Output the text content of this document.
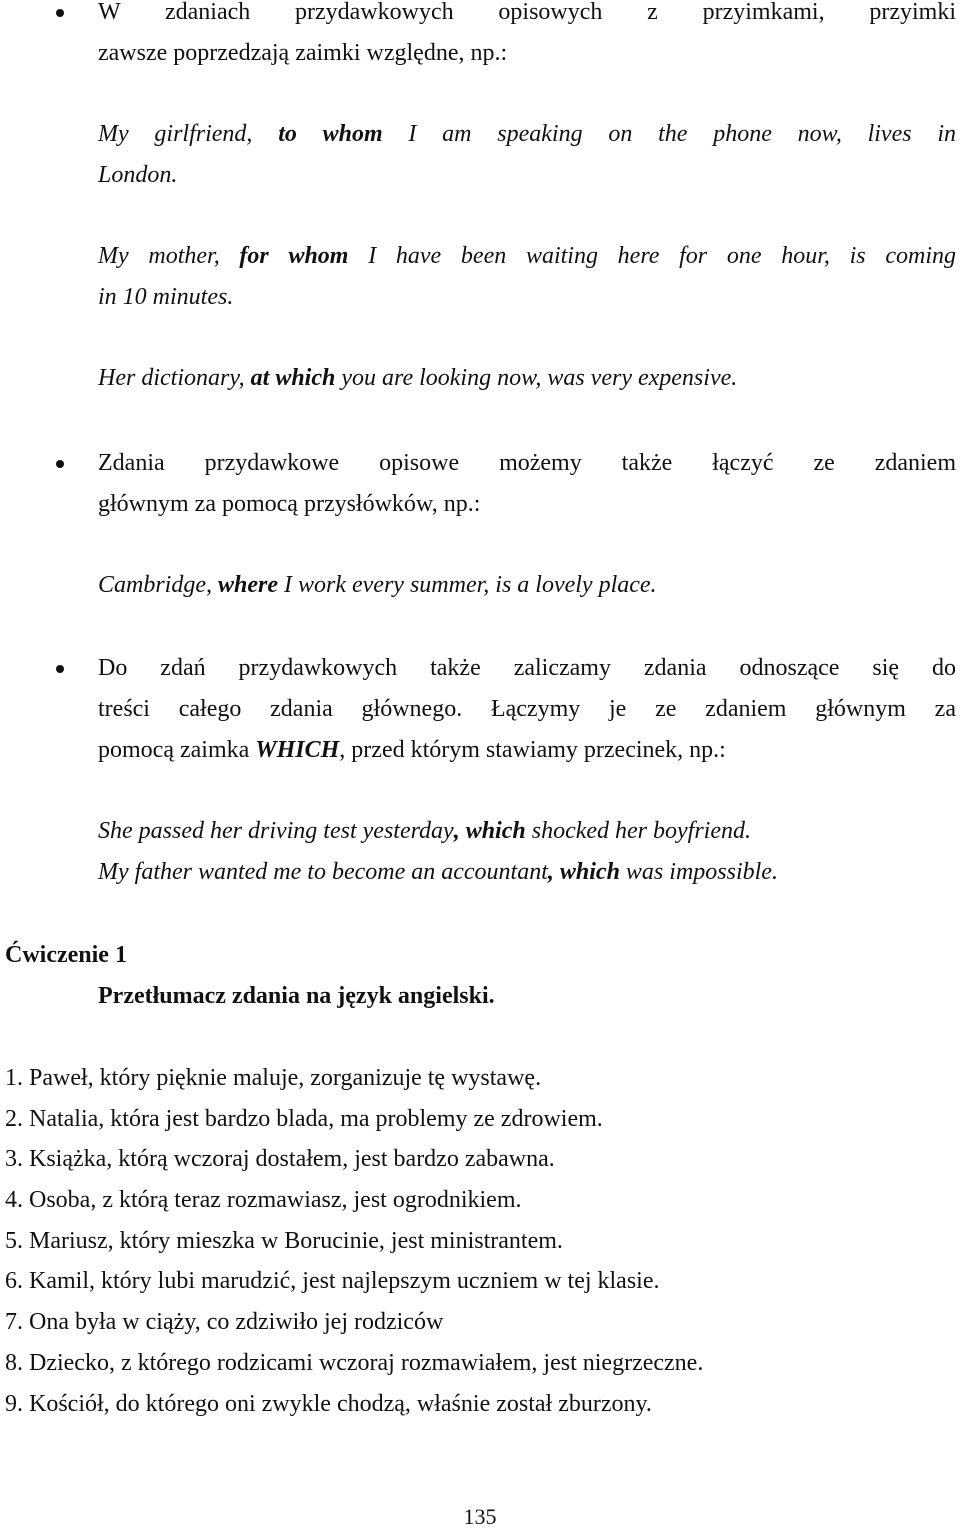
W zdaniach przydawkowych opisowych z przyimkami, przyimki
zawsze poprzedzają zaimki względne, np.:
My girlfriend, to whom I am speaking on the phone now, lives in
London.
My mother, for whom I have been waiting here for one hour, is coming
in 10 minutes.
Her dictionary, at which you are looking now, was very expensive.
Zdania przydawkowe opisowe możemy także łączyć ze zdaniem
głównym za pomocą przysłówków, np.:
Cambridge, where I work every summer, is a lovely place.
Do zdań przydawkowych także zaliczamy zdania odnoszące się do
treści całego zdania głównego. Łączymy je ze zdaniem głównym za
pomocą zaimka WHICH, przed którym stawiamy przecinek, np.:
She passed her driving test yesterday, which shocked her boyfriend.
My father wanted me to become an accountant, which was impossible.
Ćwiczenie 1
Przetłumacz zdania na język angielski.
1. Paweł, który pięknie maluje, zorganizuje tę wystawę.
2. Natalia, która jest bardzo blada, ma problemy ze zdrowiem.
3. Książka, którą wczoraj dostałem, jest bardzo zabawna.
4. Osoba, z którą teraz rozmawiasz, jest ogrodnikiem.
5. Mariusz, który mieszka w Borucinie, jest ministrantem.
6. Kamil, który lubi marudzić, jest najlepszym uczniem w tej klasie.
7. Ona była w ciąży, co zdziwiło jej rodziców
8. Dziecko, z którego rodzicami wczoraj rozmawiałem, jest niegrzeczne.
9. Kościół, do którego oni zwykle chodzą, właśnie został zburzony.
135
